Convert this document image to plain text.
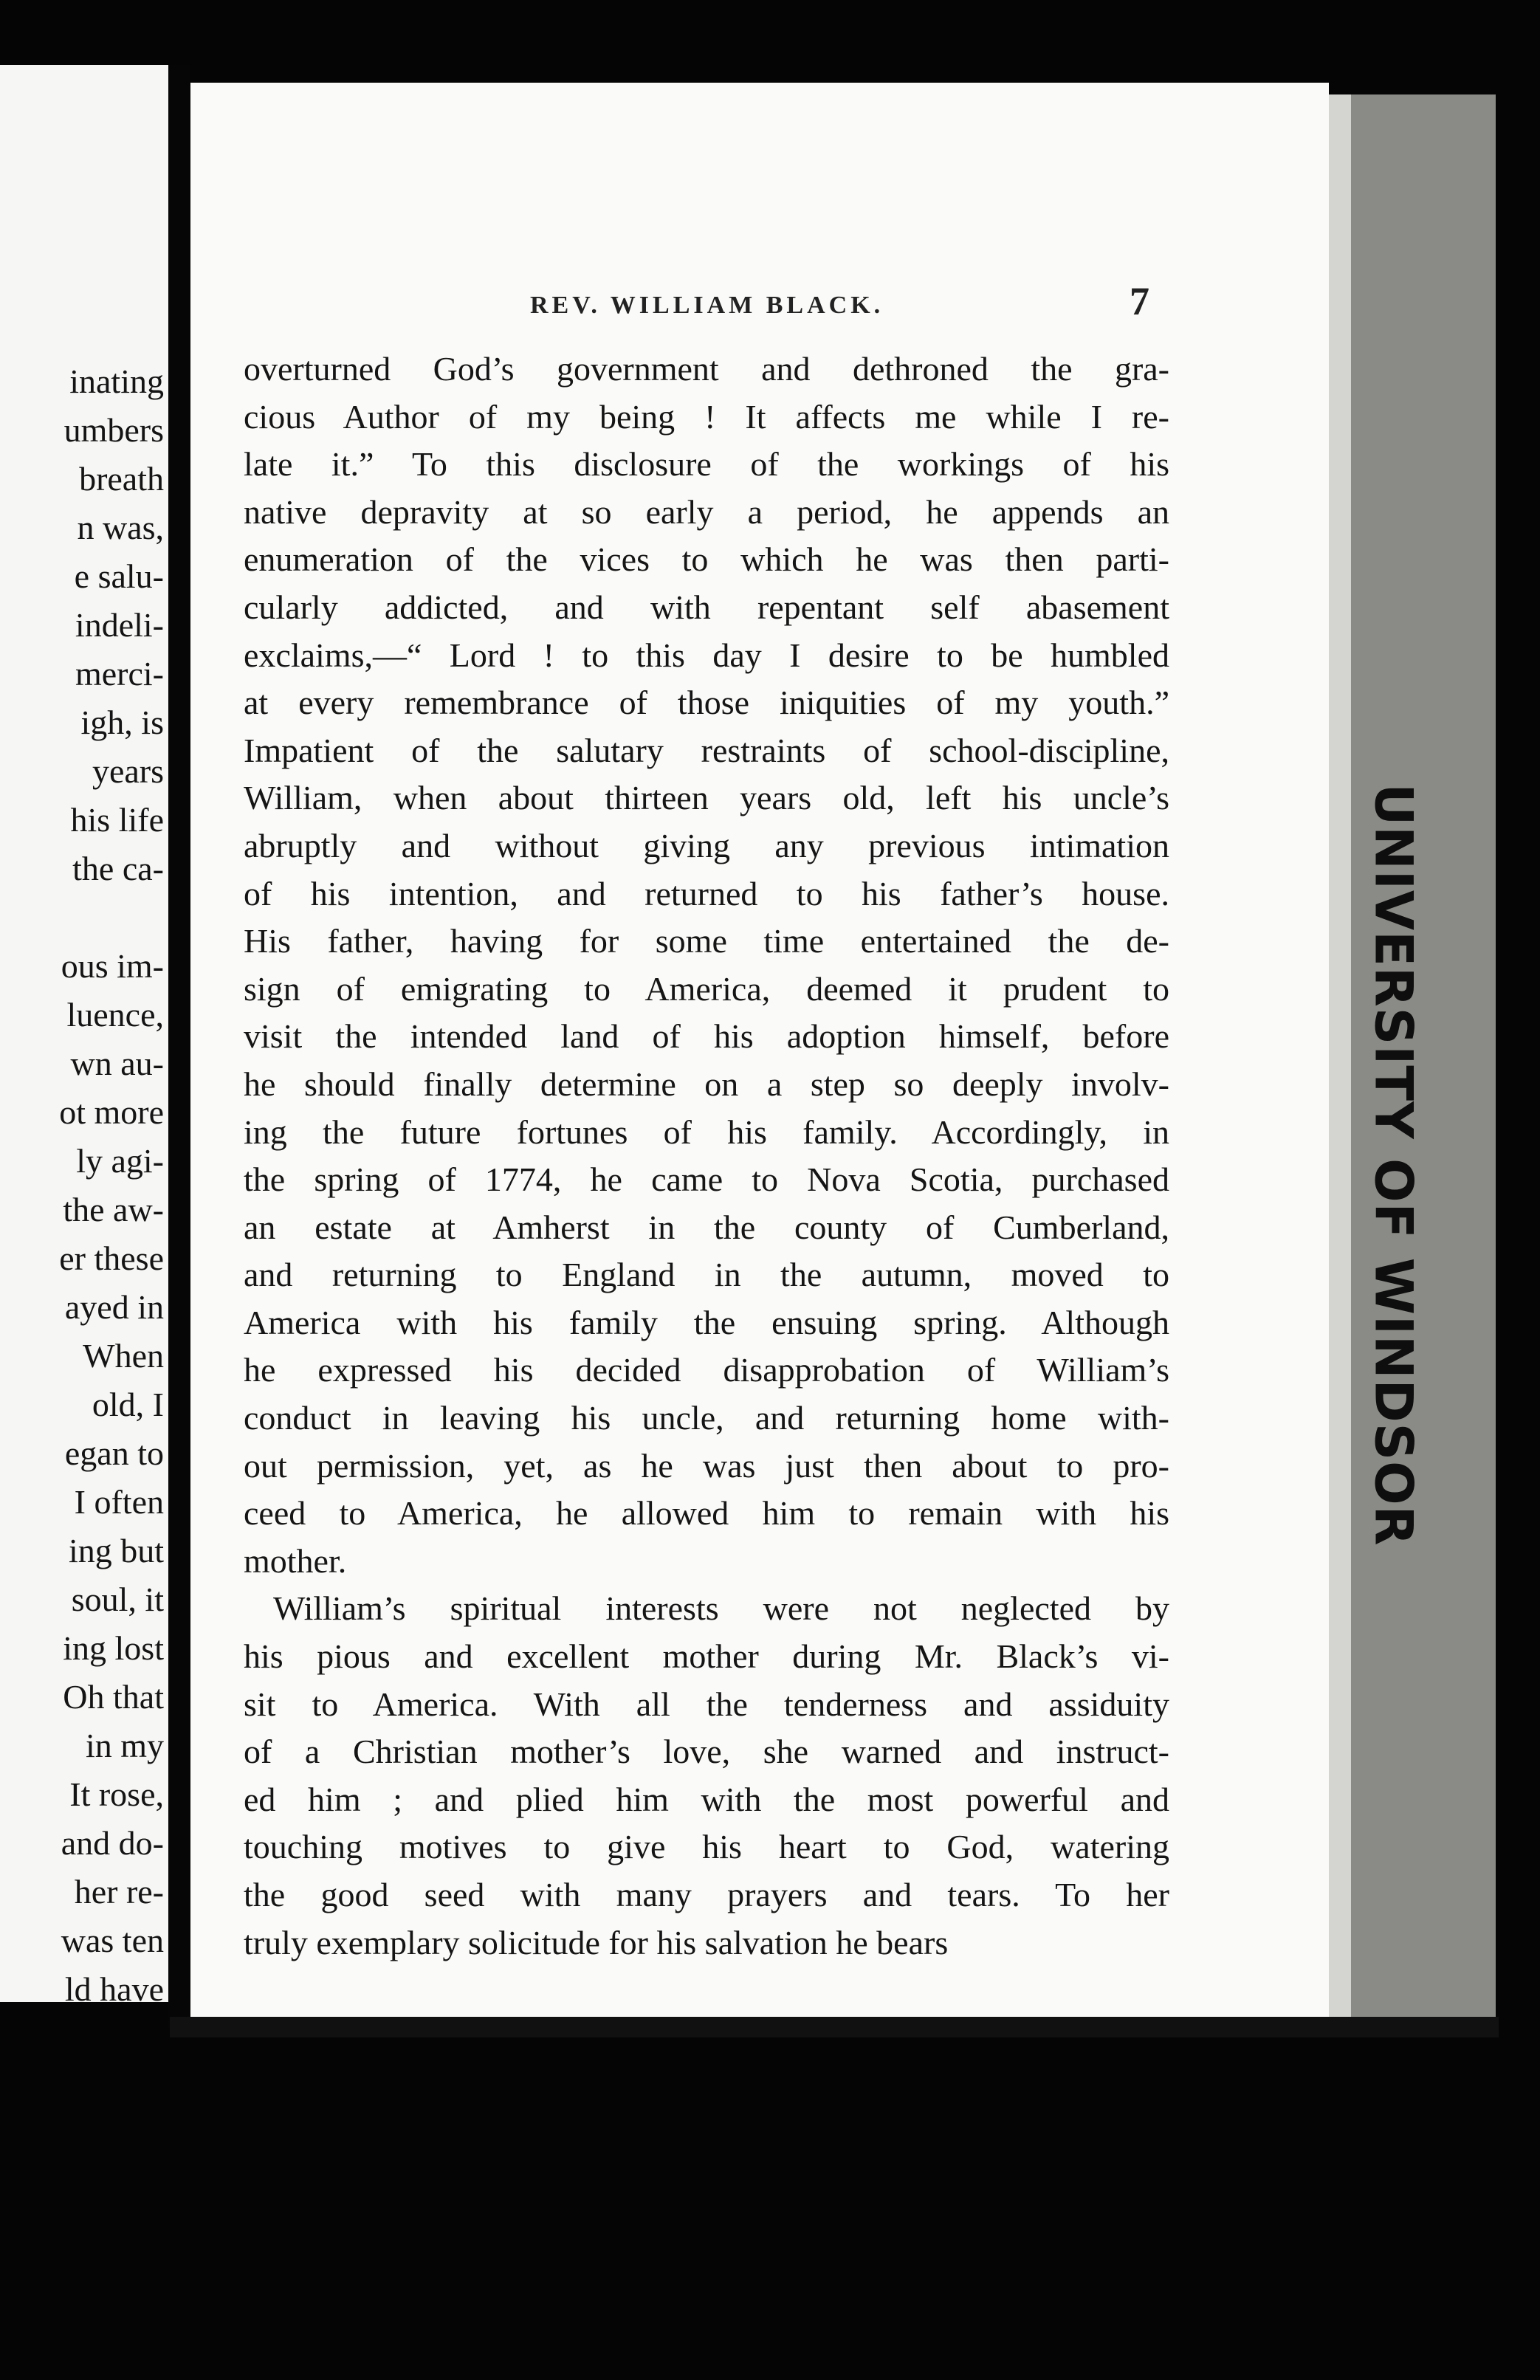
inating
umbers
breath
n was,
e salu-
indeli-
merci-
igh, is
years
his life
the ca-
ous im-
luence,
wn au-
ot more
ly agi-
the aw-
er these
ayed in
When
old, I
egan to
I often
ing but
soul, it
ing lost
Oh that
in my
It rose,
and do-
her re-
was ten
ld have
REV. WILLIAM BLACK.	7
overturned God’s government and dethroned the gra-
cious Author of my being ! It affects me while I re-
late it.” To this disclosure of the workings of his
native depravity at so early a period, he appends an
enumeration of the vices to which he was then parti-
cularly addicted, and with repentant self abasement
exclaims,—“ Lord ! to this day I desire to be humbled
at every remembrance of those iniquities of my youth.”
Impatient of the salutary restraints of school-discipline,
William, when about thirteen years old, left his uncle’s
abruptly and without giving any previous intimation
of his intention, and returned to his father’s house.
His father, having for some time entertained the de-
sign of emigrating to America, deemed it prudent to
visit the intended land of his adoption himself, before
he should finally determine on a step so deeply involv-
ing the future fortunes of his family. Accordingly, in
the spring of 1774, he came to Nova Scotia, purchased
an estate at Amherst in the county of Cumberland,
and returning to England in the autumn, moved to
America with his family the ensuing spring. Although
he expressed his decided disapprobation of William’s
conduct in leaving his uncle, and returning home with-
out permission, yet, as he was just then about to pro-
ceed to America, he allowed him to remain with his
mother.
William’s spiritual interests were not neglected by
his pious and excellent mother during Mr. Black’s vi-
sit to America. With all the tenderness and assiduity
of a Christian mother’s love, she warned and instruct-
ed him ; and plied him with the most powerful and
touching motives to give his heart to God, watering
the good seed with many prayers and tears. To her
truly exemplary solicitude for his salvation he bears
UNIVERSITY OF WINDSOR
